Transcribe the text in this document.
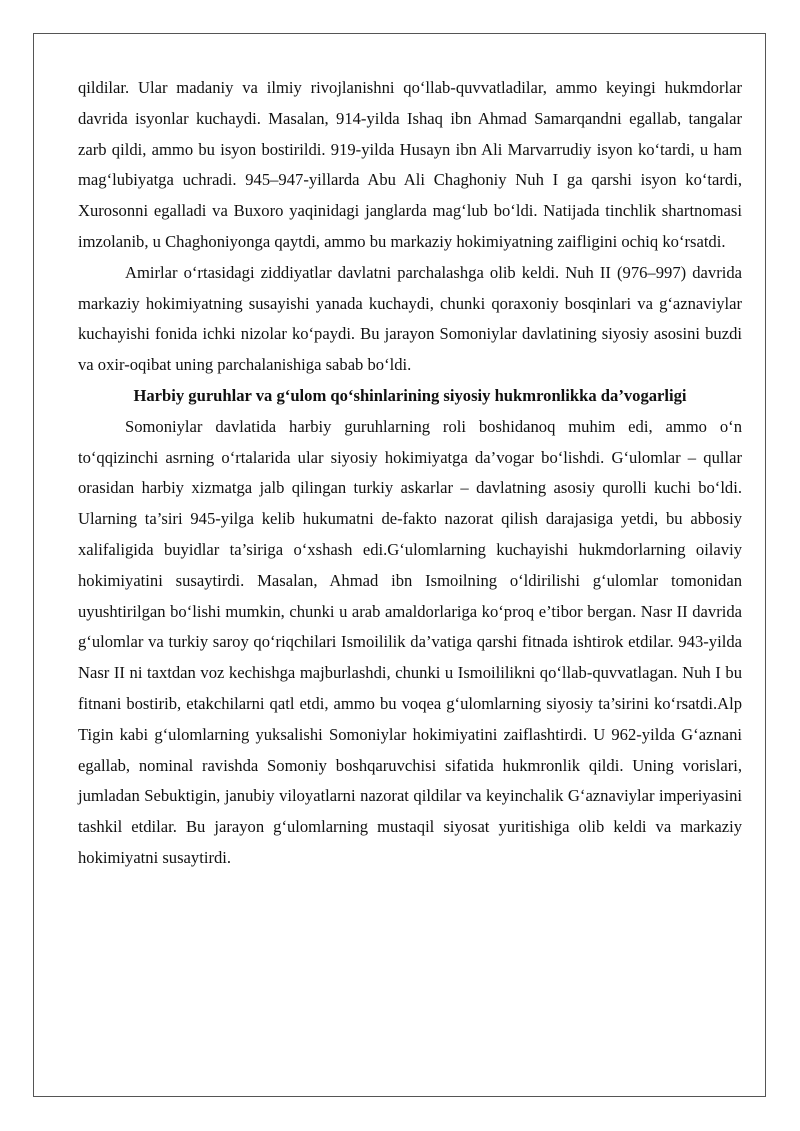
qildilar. Ular madaniy va ilmiy rivojlanishni qo‘llab-quvvatladilar, ammo keyingi hukmdorlar davrida isyonlar kuchaydi. Masalan, 914-yilda Ishaq ibn Ahmad Samarqandni egallab, tangalar zarb qildi, ammo bu isyon bostirildi. 919-yilda Husayn ibn Ali Marvarrudiy isyon ko‘tardi, u ham mag‘lubiyatga uchradi. 945–947-yillarda Abu Ali Chaghoniy Nuh I ga qarshi isyon ko‘tardi, Xurosonni egalladi va Buxoro yaqinidagi janglarda mag‘lub bo‘ldi. Natijada tinchlik shartnomasi imzolanib, u Chaghoniyonga qaytdi, ammo bu markaziy hokimiyatning zaifligini ochiq ko‘rsatdi.

Amirlar o‘rtasidagi ziddiyatlar davlatni parchalashga olib keldi. Nuh II (976–997) davrida markaziy hokimiyatning susayishi yanada kuchaydi, chunki qoraxoniy bosqinlari va g‘aznaviylar kuchayishi fonida ichki nizolar ko‘paydi. Bu jarayon Somoniylar davlatining siyosiy asosini buzdi va oxir-oqibat uning parchalanishiga sabab bo‘ldi.

Harbiy guruhlar va g‘ulom qo‘shinlarining siyosiy hukmronlikka da’vogarligi

Somoniylar davlatida harbiy guruhlarning roli boshidanoq muhim edi, ammo o‘n to‘qqizinchi asrning o‘rtalarida ular siyosiy hokimiyatga da’vogar bo‘lishdi. G‘ulomlar – qullar orasidan harbiy xizmatga jalb qilingan turkiy askarlar – davlatning asosiy qurolli kuchi bo‘ldi. Ularning ta’siri 945-yilga kelib hukumatni de-fakto nazorat qilish darajasiga yetdi, bu abbosiy xalifaligida buyidlar ta’siriga o‘xshash edi.G‘ulomlarning kuchayishi hukmdorlarning oilaviy hokimiyatini susaytirdi. Masalan, Ahmad ibn Ismoilning o‘ldirilishi g‘ulomlar tomonidan uyushtirilgan bo‘lishi mumkin, chunki u arab amaldorlariga ko‘proq e’tibor bergan. Nasr II davrida g‘ulomlar va turkiy saroy qo‘riqchilari Ismoililik da’vatiga qarshi fitnada ishtirok etdilar. 943-yilda Nasr II ni taxtdan voz kechishga majburlashdi, chunki u Ismoililikni qo‘llab-quvvatlagan. Nuh I bu fitnani bostirib, etakchilarni qatl etdi, ammo bu voqea g‘ulomlarning siyosiy ta’sirini ko‘rsatdi.Alp Tigin kabi g‘ulomlarning yuksalishi Somoniylar hokimiyatini zaiflashtirdi. U 962-yilda G‘aznani egallab, nominal ravishda Somoniy boshqaruvchisi sifatida hukmronlik qildi. Uning vorislari, jumladan Sebuktigin, janubiy viloyatlarni nazorat qildilar va keyinchalik G‘aznaviylar imperiyasini tashkil etdilar. Bu jarayon g‘ulomlarning mustaqil siyosat yuritishiga olib keldi va markaziy hokimiyatni susaytirdi.
